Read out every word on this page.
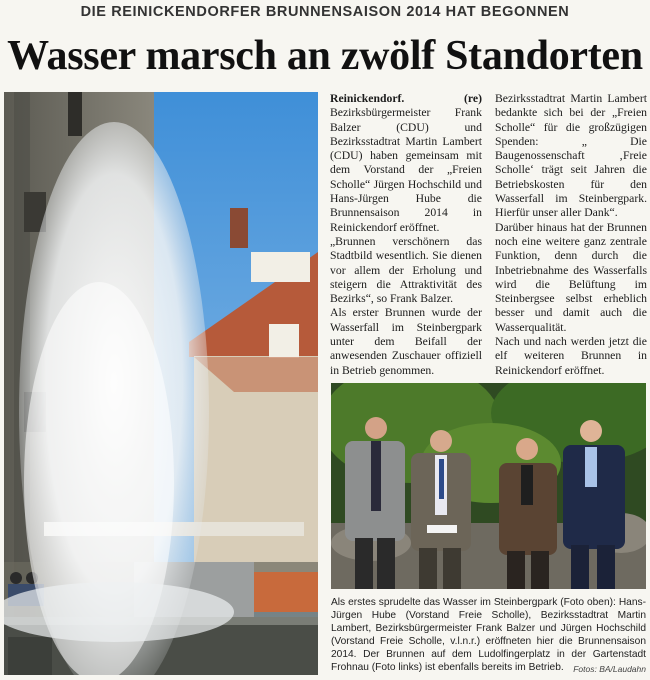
DIE REINICKENDORFER BRUNNENSAISON 2014 HAT BEGONNEN
Wasser marsch an zwölf Standorten

Reinickendorf. (re) Bezirksbürgermeister Frank Balzer (CDU) und Bezirksstadtrat Martin Lambert (CDU) haben gemeinsam mit dem Vorstand der „Freien Scholle“ Jürgen Hochschild und Hans-Jürgen Hube die Brunnensaison 2014 in Reinickendorf eröffnet.

„Brunnen verschönern das Stadtbild wesentlich. Sie dienen vor allem der Erholung und steigern die Attraktivität des Bezirks“, so Frank Balzer.

Als erster Brunnen wurde der Wasserfall im Steinbergpark unter dem Beifall der anwesenden Zuschauer offiziell in Betrieb genommen.

Bezirksstadtrat Martin Lambert bedankte sich bei der „Freien Scholle“ für die großzügigen Spenden: „ Die Baugenossenschaft ‚Freie Scholle‘ trägt seit Jahren die Betriebskosten für den Wasserfall im Steinbergpark. Hierfür unser aller Dank“.

Darüber hinaus hat der Brunnen noch eine weitere ganz zentrale Funktion, denn durch die Inbetriebnahme des Wasserfalls wird die Belüftung im Steinbergsee selbst erheblich besser und damit auch die Wasserqualität.

Nach und nach werden jetzt die elf weiteren Brunnen in Reinickendorf eröffnet.

Als erstes sprudelte das Wasser im Steinbergpark (Foto oben): Hans-Jürgen Hube (Vorstand Freie Scholle), Bezirksstadtrat Martin Lambert, Bezirksbürgermeister Frank Balzer und Jürgen Hochschild (Vorstand Freie Scholle, v.l.n.r.) eröffneten hier die Brunnensaison 2014. Der Brunnen auf dem Ludolfingerplatz in der Gartenstadt Frohnau (Foto links) ist ebenfalls bereits im Betrieb.	Fotos: BA/Laudahn
